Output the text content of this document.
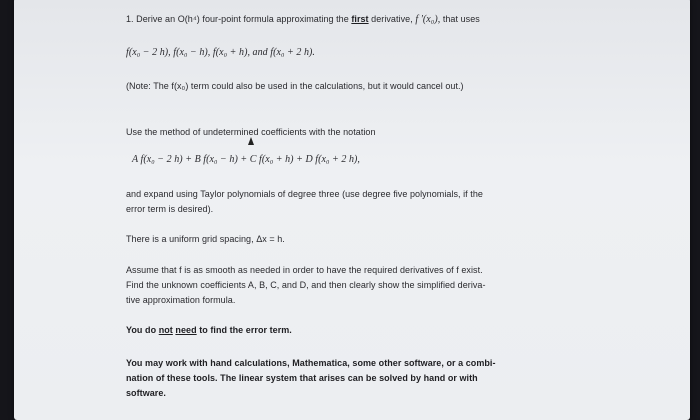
1. Derive an O(h⁴) four-point formula approximating the first derivative, f ′(x₀), that uses
f(x₀ − 2 h), f(x₀ − h), f(x₀ + h), and f(x₀ + 2 h).
(Note: The f(x₀) term could also be used in the calculations, but it would cancel out.)
Use the method of undetermined coefficients with the notation
A f(x₀ − 2 h) + B f(x₀ − h) + C f(x₀ + h) + D f(x₀ + 2 h),
and expand using Taylor polynomials of degree three (use degree five polynomials, if the
error term is desired).
There is a uniform grid spacing, Δx = h.
Assume that f is as smooth as needed in order to have the required derivatives of f exist.
Find the unknown coefficients A, B, C, and D, and then clearly show the simplified deriva-
tive approximation formula.
You do not need to find the error term.
You may work with hand calculations, Mathematica, some other software, or a combi-
nation of these tools. The linear system that arises can be solved by hand or with
software.
